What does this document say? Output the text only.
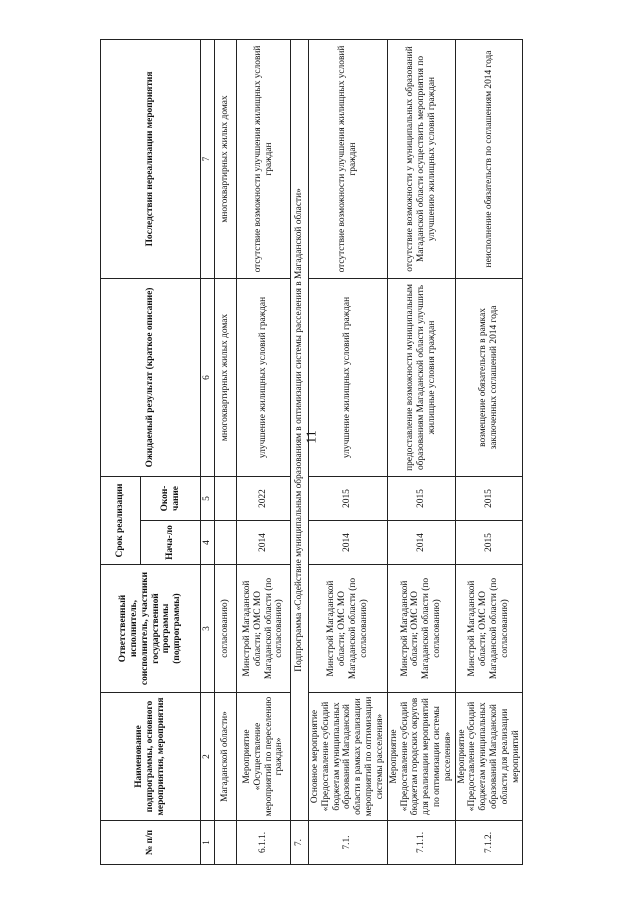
11
№ п/п	Наименование подпрограммы, основного мероприятия, мероприятия	Ответственный исполнитель, соисполнитель, участники государственной программы (подпрограммы)	Срок реализации		Ожидаемый результат (краткое описание)	Последствия нереализации мероприятия
			Нача-ло	Окон-чание		
1	2	3	4	5	6	7
	Магаданской области»	согласованию)			многоквартирных жилых домах	многоквартирных жилых домах
6.1.1.	Мероприятие «Осуществление мероприятий по переселению граждан»	Минстрой Магаданской области; ОМС МО Магаданской области (по согласованию)	2014	2022	улучшение жилищных условий граждан	отсутствие возможности улучшения жилищных условий граждан
7.	Подпрограмма «Содействие муниципальным образованиям в оптимизации системы расселения в Магаданской области»					
7.1.	Основное мероприятие «Предоставление субсидий бюджетам муниципальных образований Магаданской области в рамках реализации мероприятий по оптимизации системы расселения»	Минстрой Магаданской области; ОМС МО Магаданской области (по согласованию)	2014	2015	улучшение жилищных условий граждан	отсутствие возможности улучшения жилищных условий граждан
7.1.1.	Мероприятие «Предоставление субсидий бюджетам городских округов для реализации мероприятий по оптимизации системы расселения»	Минстрой Магаданской области; ОМС МО Магаданской области (по согласованию)	2014	2015	предоставление возможности муниципальным образованиям Магаданской области улучшить жилищные условия граждан	отсутствие возможности у муниципальных образований Магаданской области осуществить мероприятия по улучшению жилищных условий граждан
7.1.2.	Мероприятие «Предоставление субсидий бюджетам муниципальных образований Магаданской области для реализации мероприятий	Минстрой Магаданской области; ОМС МО Магаданской области (по согласованию)	2015	2015	возмещение обязательств в рамках заключенных соглашений 2014 года	неисполнение обязательств по соглашениям 2014 года
